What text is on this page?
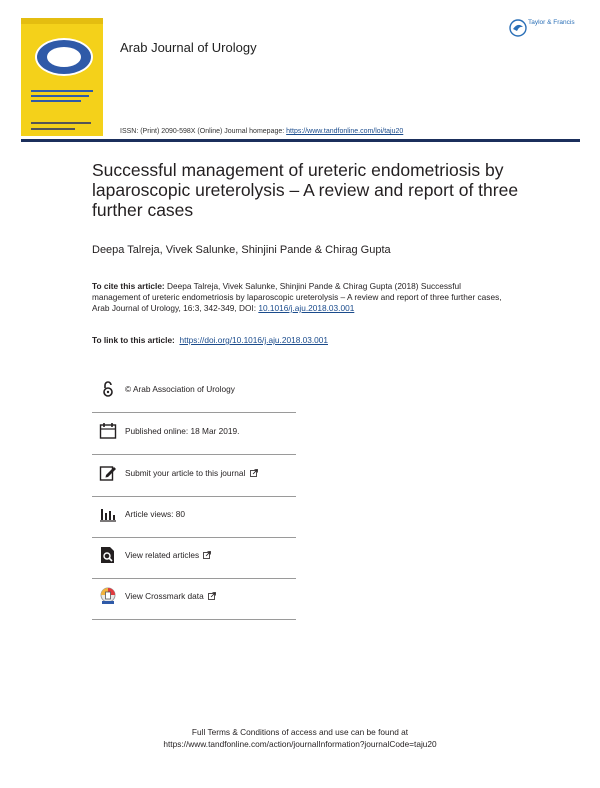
Taylor & Francis
Arab Journal of Urology
ISSN: (Print) 2090-598X (Online) Journal homepage: https://www.tandfonline.com/loi/taju20
Successful management of ureteric endometriosis by laparoscopic ureterolysis – A review and report of three further cases
Deepa Talreja, Vivek Salunke, Shinjini Pande & Chirag Gupta
To cite this article: Deepa Talreja, Vivek Salunke, Shinjini Pande & Chirag Gupta (2018) Successful management of ureteric endometriosis by laparoscopic ureterolysis – A review and report of three further cases, Arab Journal of Urology, 16:3, 342-349, DOI: 10.1016/j.aju.2018.03.001
To link to this article: https://doi.org/10.1016/j.aju.2018.03.001
© Arab Association of Urology
Published online: 18 Mar 2019.
Submit your article to this journal
Article views: 80
View related articles
View Crossmark data
Full Terms & Conditions of access and use can be found at
https://www.tandfonline.com/action/journalInformation?journalCode=taju20
